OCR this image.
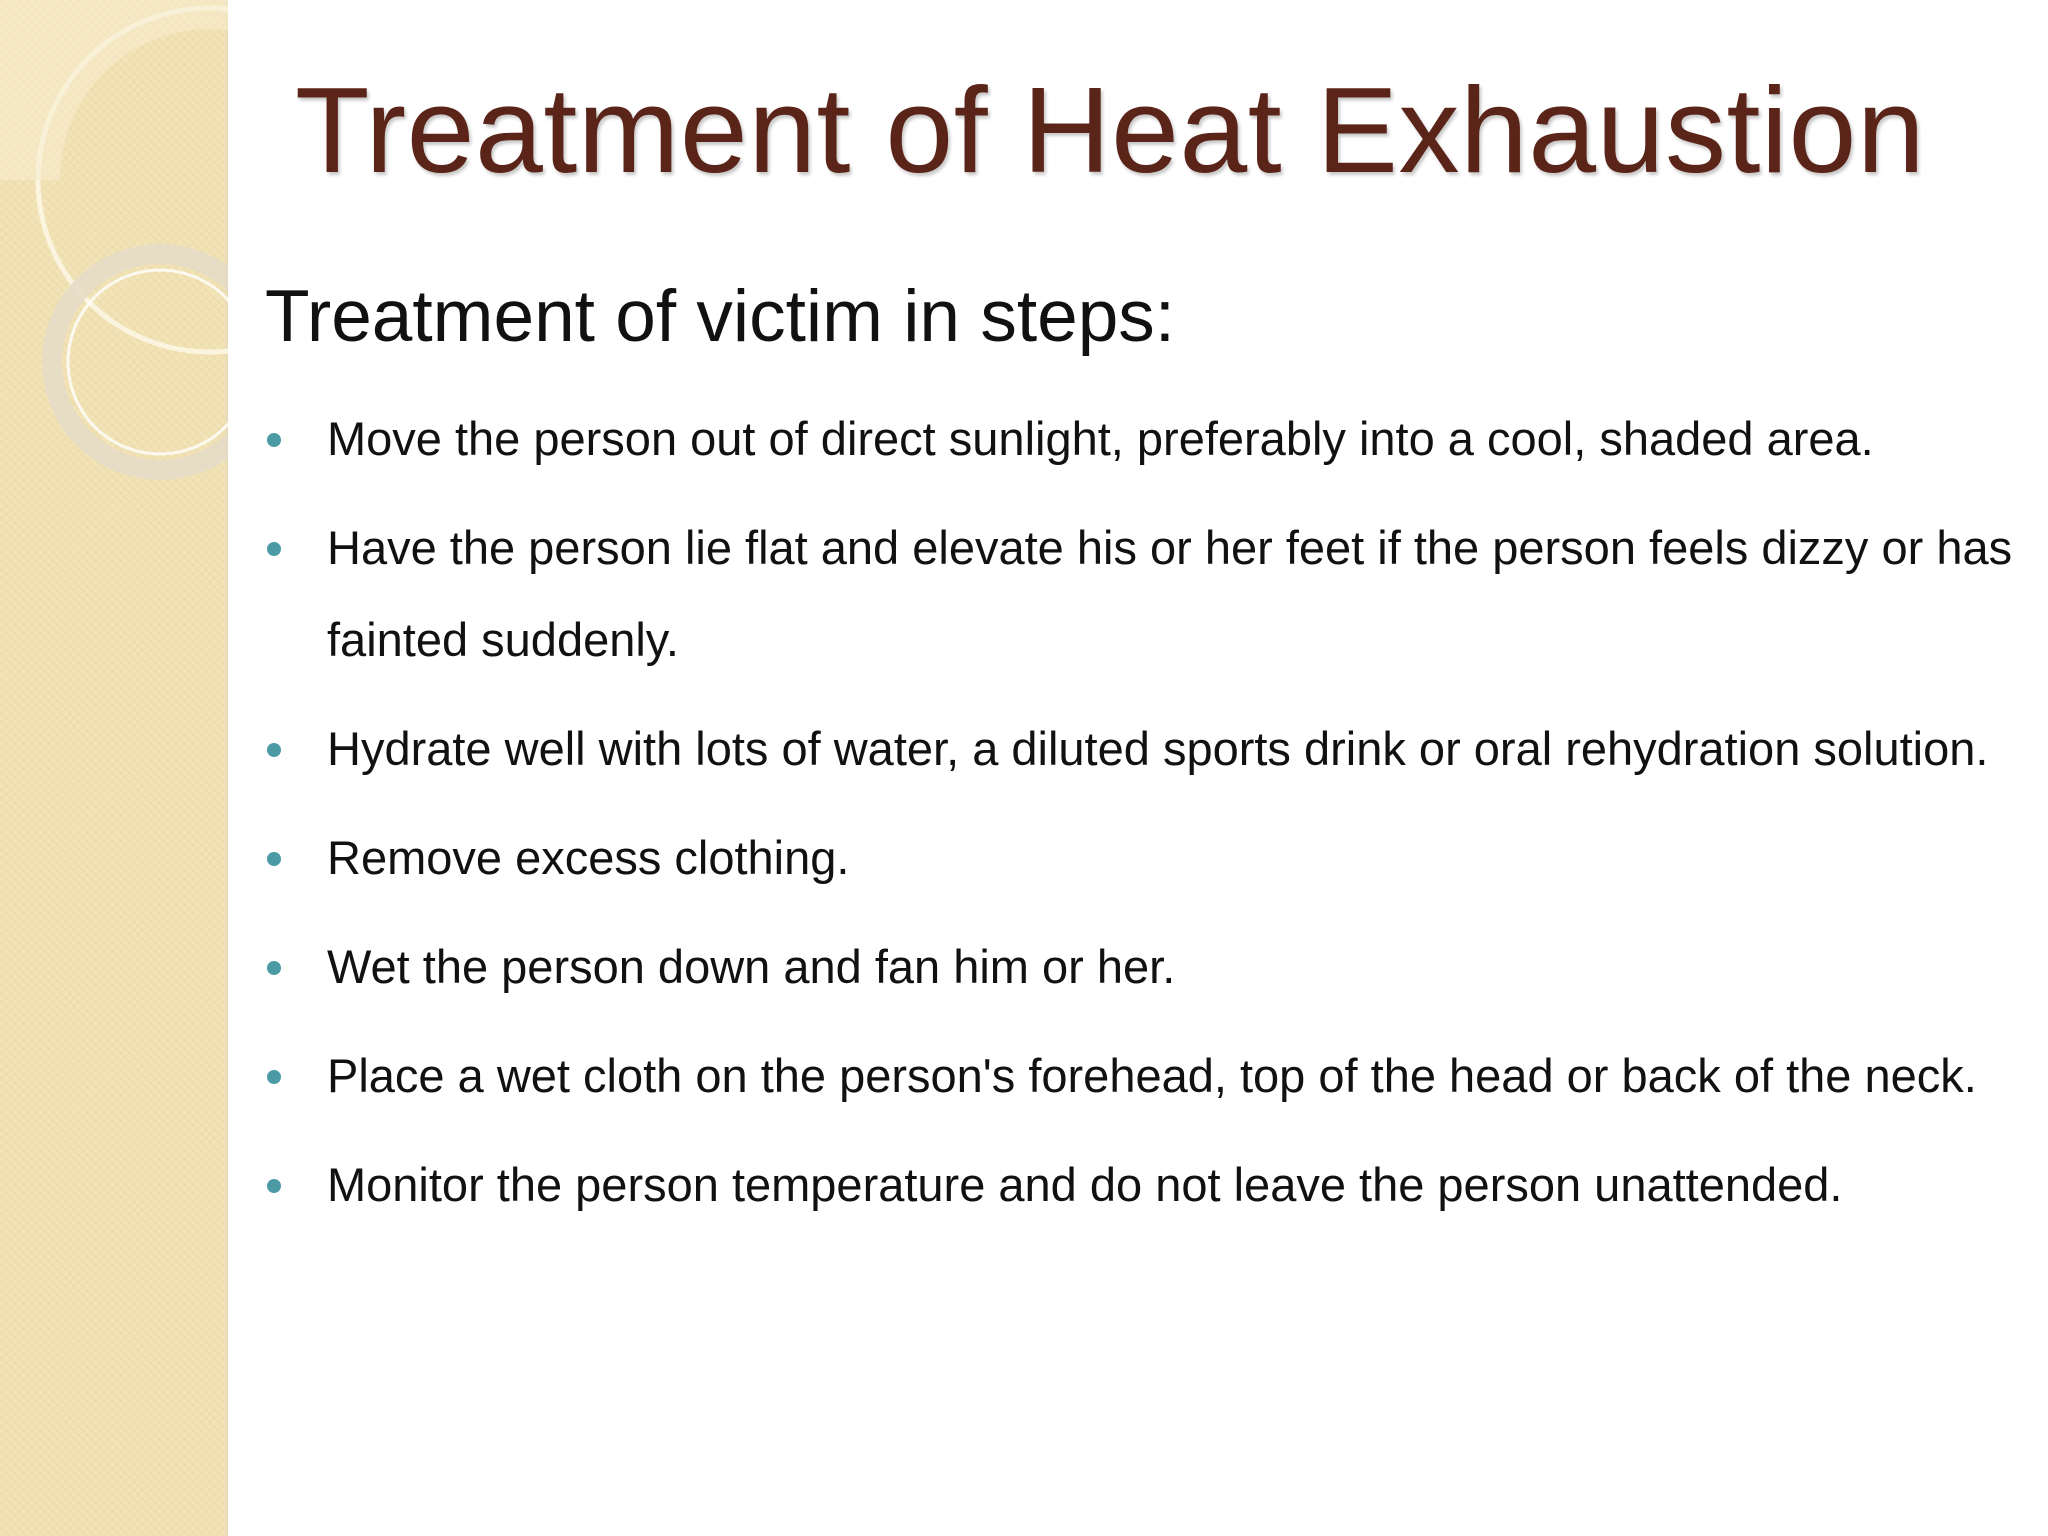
Treatment of Heat Exhaustion
Treatment of victim in steps:
Move the person out of direct sunlight, preferably into a cool, shaded area.
Have the person lie flat and elevate his or her feet if the person feels dizzy or has fainted suddenly.
Hydrate well with lots of water, a diluted sports drink or oral rehydration solution.
Remove excess clothing.
Wet the person down and fan him or her.
Place a wet cloth on the person's forehead, top of the head or back of the neck.
Monitor the person temperature and do not leave the person unattended.
